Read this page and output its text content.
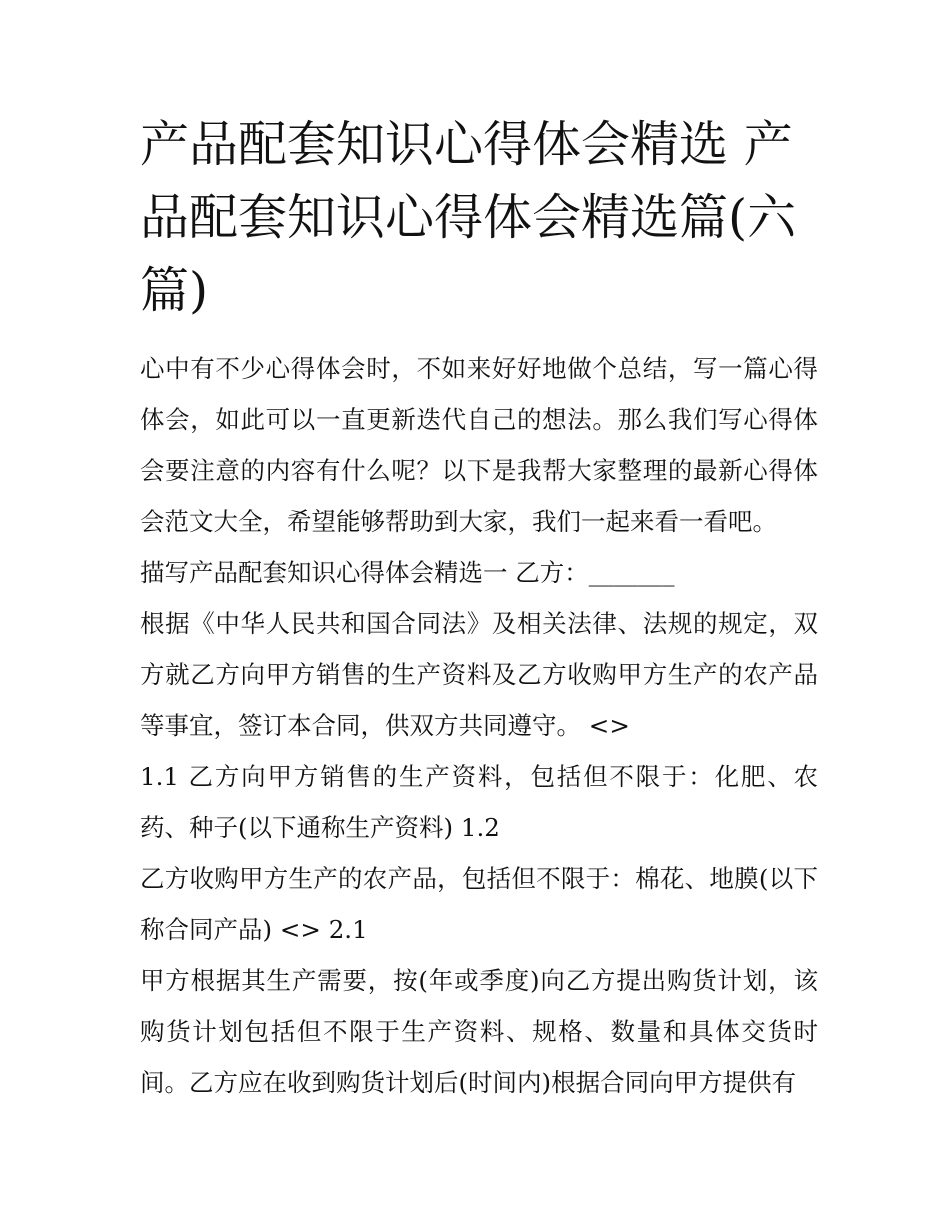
产品配套知识心得体会精选 产品配套知识心得体会精选篇(六篇)

心中有不少心得体会时，不如来好好地做个总结，写一篇心得体会，如此可以一直更新迭代自己的想法。那么我们写心得体会要注意的内容有什么呢？以下是我帮大家整理的最新心得体会范文大全，希望能够帮助到大家，我们一起来看一看吧。

描写产品配套知识心得体会精选一 乙方：_______

根据《中华人民共和国合同法》及相关法律、法规的规定，双方就乙方向甲方销售的生产资料及乙方收购甲方生产的农产品等事宜，签订本合同，供双方共同遵守。 <>

1.1 乙方向甲方销售的生产资料，包括但不限于：化肥、农药、种子(以下通称生产资料) 1.2

乙方收购甲方生产的农产品，包括但不限于：棉花、地膜(以下称合同产品) <> 2.1

甲方根据其生产需要，按(年或季度)向乙方提出购货计划，该购货计划包括但不限于生产资料、规格、数量和具体交货时间。乙方应在收到购货计划后(时间内)根据合同向甲方提供有
